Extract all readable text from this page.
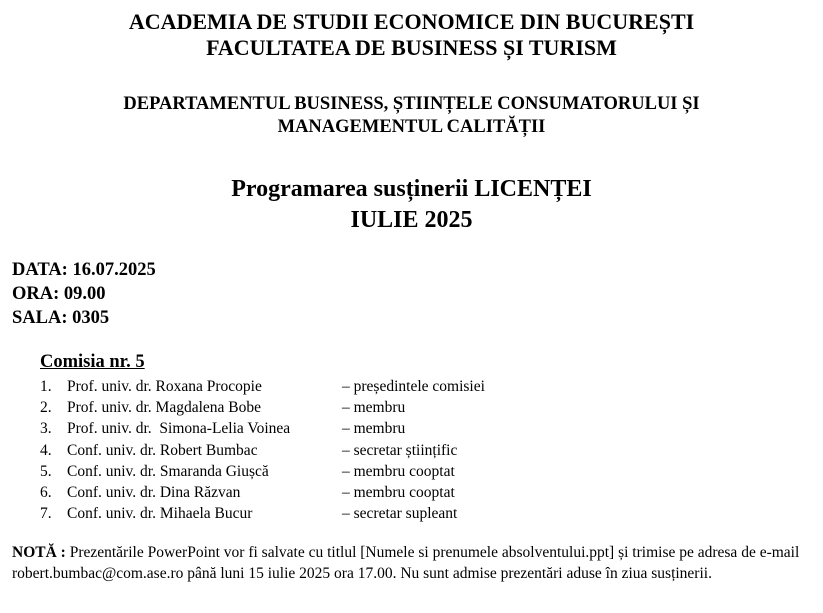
ACADEMIA DE STUDII ECONOMICE DIN BUCUREȘTI
FACULTATEA DE BUSINESS ȘI TURISM
DEPARTAMENTUL BUSINESS, ȘTIINȚELE CONSUMATORULUI ȘI
MANAGEMENTUL CALITĂȚII
Programarea susținerii LICENȚEI
IULIE 2025
DATA: 16.07.2025
ORA: 09.00
SALA: 0305
Comisia nr. 5
1. Prof. univ. dr. Roxana Procopie	– președintele comisiei
2. Prof. univ. dr. Magdalena Bobe	– membru
3. Prof. univ. dr.  Simona-Lelia Voinea	– membru
4. Conf. univ. dr. Robert Bumbac	– secretar științific
5. Conf. univ. dr. Smaranda Giușcă	– membru cooptat
6. Conf. univ. dr. Dina Răzvan	– membru cooptat
7. Conf. univ. dr. Mihaela Bucur	– secretar supleant
NOTĂ : Prezentările PowerPoint vor fi salvate cu titlul [Numele si prenumele absolventului.ppt] și trimise pe adresa de e-mail robert.bumbac@com.ase.ro până luni 15 iulie 2025 ora 17.00. Nu sunt admise prezentări aduse în ziua susținerii.
